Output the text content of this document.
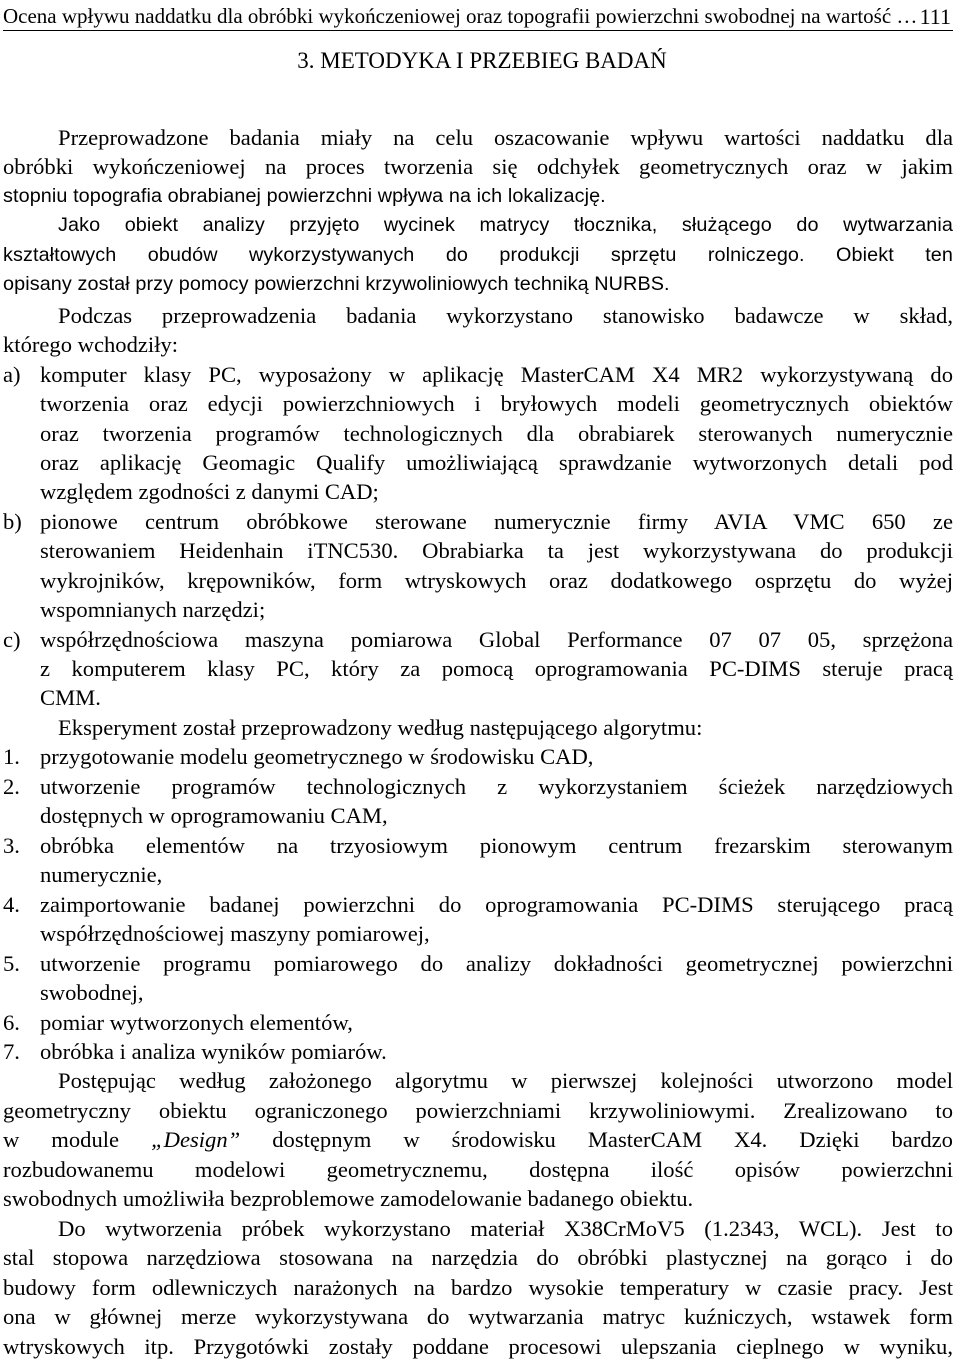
Ocena wpływu naddatku dla obróbki wykończeniowej oraz topografii powierzchni swobodnej na wartość … 111
3. METODYKA I PRZEBIEG BADAŃ
Przeprowadzone badania miały na celu oszacowanie wpływu wartości naddatku dla
obróbki wykończeniowej na proces tworzenia się odchyłek geometrycznych oraz w jakim
stopniu topografia obrabianej powierzchni wpływa na ich lokalizację.
Jako obiekt analizy przyjęto wycinek matrycy tłocznika, służącego do wytwarzania
kształtowych obudów wykorzystywanych do produkcji sprzętu rolniczego. Obiekt ten
opisany został przy pomocy powierzchni krzywoliniowych techniką NURBS.
Podczas przeprowadzenia badania wykorzystano stanowisko badawcze w skład,
którego wchodziły:
a) komputer klasy PC, wyposażony w aplikację MasterCAM X4 MR2 wykorzystywaną do
tworzenia oraz edycji powierzchniowych i bryłowych modeli geometrycznych obiektów
oraz tworzenia programów technologicznych dla obrabiarek sterowanych numerycznie
oraz aplikację Geomagic Qualify umożliwiającą sprawdzanie wytworzonych detali pod
względem zgodności z danymi CAD;
b) pionowe centrum obróbkowe sterowane numerycznie firmy AVIA VMC 650 ze
sterowaniem Heidenhain iTNC530. Obrabiarka ta jest wykorzystywana do produkcji
wykrojników, krępowników, form wtryskowych oraz dodatkowego osprzętu do wyżej
wspomnianych narzędzi;
c) współrzędnościowa maszyna pomiarowa Global Performance 07 07 05, sprzężona
z komputerem klasy PC, który za pomocą oprogramowania PC-DIMS steruje pracą
CMM.
Eksperyment został przeprowadzony według następującego algorytmu:
1. przygotowanie modelu geometrycznego w środowisku CAD,
2. utworzenie programów technologicznych z wykorzystaniem ścieżek narzędziowych
dostępnych w oprogramowaniu CAM,
3. obróbka elementów na trzyosiowym pionowym centrum frezarskim sterowanym
numerycznie,
4. zaimportowanie badanej powierzchni do oprogramowania PC-DIMS sterującego pracą
współrzędnościowej maszyny pomiarowej,
5. utworzenie programu pomiarowego do analizy dokładności geometrycznej powierzchni
swobodnej,
6. pomiar wytworzonych elementów,
7. obróbka i analiza wyników pomiarów.
Postępując według założonego algorytmu w pierwszej kolejności utworzono model
geometryczny obiektu ograniczonego powierzchniami krzywoliniowymi. Zrealizowano to
w module „Design” dostępnym w środowisku MasterCAM X4. Dzięki bardzo
rozbudowanemu modelowi geometrycznemu, dostępna ilość opisów powierzchni
swobodnych umożliwiła bezproblemowe zamodelowanie badanego obiektu.
Do wytworzenia próbek wykorzystano materiał X38CrMoV5 (1.2343, WCL). Jest to
stal stopowa narzędziowa stosowana na narzędzia do obróbki plastycznej na gorąco i do
budowy form odlewniczych narażonych na bardzo wysokie temperatury w czasie pracy. Jest
ona w głównej merze wykorzystywana do wytwarzania matryc kuźniczych, wstawek form
wtryskowych itp. Przygotówki zostały poddane procesowi ulepszania cieplnego w wyniku,
